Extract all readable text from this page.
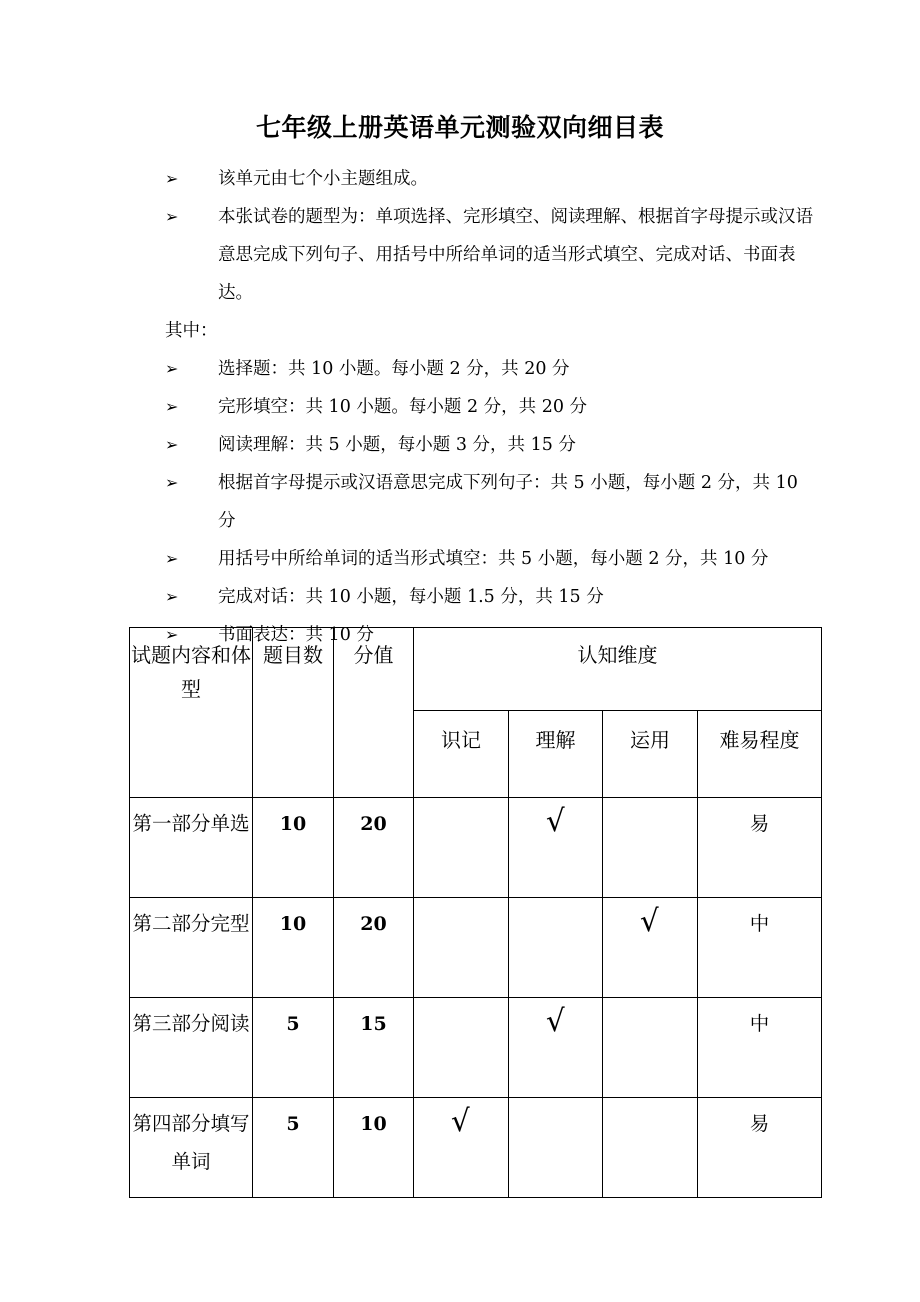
七年级上册英语单元测验双向细目表
➢	该单元由七个小主题组成。
➢	本张试卷的题型为：单项选择、完形填空、阅读理解、根据首字母提示或汉语意思完成下列句子、用括号中所给单词的适当形式填空、完成对话、书面表达。
其中：
➢	选择题：共 10 小题。每小题 2 分，共 20 分
➢	完形填空：共 10 小题。每小题 2 分，共 20 分
➢	阅读理解：共 5 小题，每小题 3 分，共 15 分
➢	根据首字母提示或汉语意思完成下列句子：共 5 小题，每小题 2 分，共 10 分
➢	用括号中所给单词的适当形式填空：共 5 小题，每小题 2 分，共 10 分
➢	完成对话：共 10 小题，每小题 1.5 分，共 15 分
➢	书面表达：共 10 分
试题内容和体型	题目数	分值	认知维度			
			识记	理解	运用	难易程度
第一部分单选	10	20		√		易
第二部分完型	10	20			√	中
第三部分阅读	5	15		√		中
第四部分填写单词	5	10	√			易
